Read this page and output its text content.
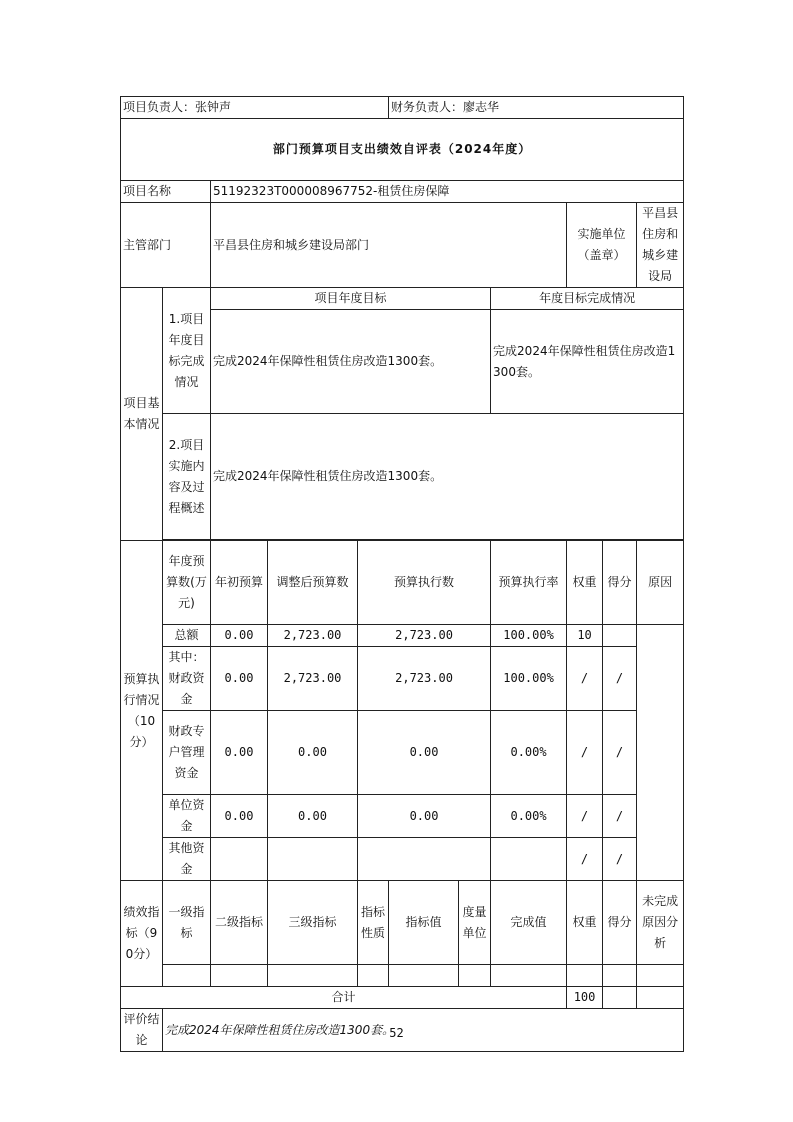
项目负责人：张钟声					财务负责人：廖志华					
部门预算项目支出绩效自评表（2024年度）										
项目名称		51192323T000008967752-租赁住房保障								
主管部门		平昌县住房和城乡建设局部门						实施单位（盖章）		平昌县住房和城乡建设局

项目基本情况	1.项目年度目标完成情况	项目年度目标					年度目标完成情况			
		完成2024年保障性租赁住房改造1300套。					完成2024年保障性租赁住房改造1300套。			

	2.项目实施内容及过程概述	完成2024年保障性租赁住房改造1300套。								

预算执行情况（10分）	年度预算数(万元)	年初预算	调整后预算数	预算执行数			预算执行率	权重	得分	原因
	总额	0.00	2,723.00	2,723.00			100.00%	10		

	其中：财政资金	0.00	2,723.00	2,723.00			100.00%	/	/	

	财政专户管理资金	0.00	0.00	0.00			0.00%	/	/	

	单位资金	0.00	0.00	0.00			0.00%	/	/	

	其他资金							/	/	

绩效指标（90分）	一级指标	二级指标	三级指标	指标性质	指标值	度量单位	完成值	权重	得分	未完成原因分析

合计								100		

评价结论	完成2024年保障性租赁住房改造1300套。									
52
